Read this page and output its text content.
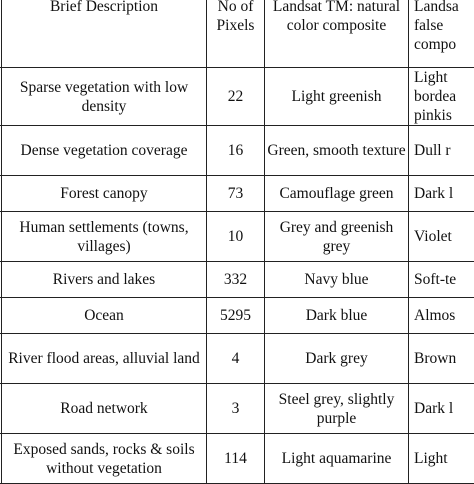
	Brief Description	No of Pixels	Landsat TM: natural color composite	Landsa
false
compo

	Sparse vegetation with low density	22	Light greenish	Light
bordea
pinkis

	Dense vegetation coverage	16	Green, smooth texture	Dull r

	Forest canopy	73	Camouflage green	Dark l

	Human settlements (towns, villages)	10	Grey and greenish grey	Violet

	Rivers and lakes	332	Navy blue	Soft-te

	Ocean	5295	Dark blue	Almos

	River flood areas, alluvial land	4	Dark grey	Brown

	Road network	3	Steel grey, slightly purple	Dark l

	Exposed sands, rocks & soils without vegetation	114	Light aquamarine	Light
